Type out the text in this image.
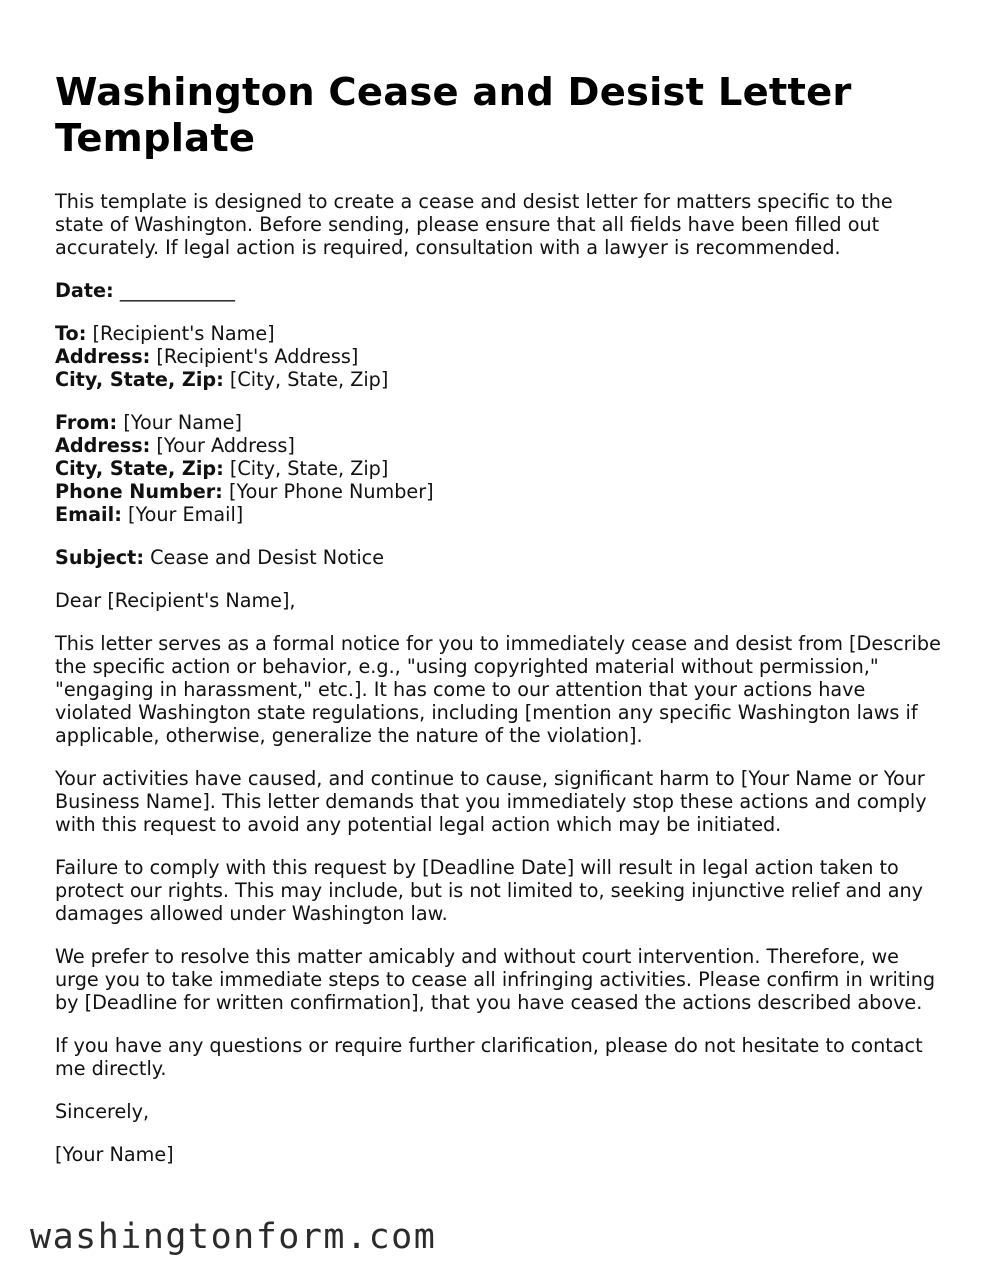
Washington Cease and Desist Letter Template

This template is designed to create a cease and desist letter for matters specific to the state of Washington. Before sending, please ensure that all fields have been filled out accurately. If legal action is required, consultation with a lawyer is recommended.

Date: ____________
To: [Recipient's Name]
Address: [Recipient's Address]
City, State, Zip: [City, State, Zip]
From: [Your Name]
Address: [Your Address]
City, State, Zip: [City, State, Zip]
Phone Number: [Your Phone Number]
Email: [Your Email]
Subject: Cease and Desist Notice

Dear [Recipient's Name],

This letter serves as a formal notice for you to immediately cease and desist from [Describe the specific action or behavior, e.g., "using copyrighted material without permission," "engaging in harassment," etc.]. It has come to our attention that your actions have violated Washington state regulations, including [mention any specific Washington laws if applicable, otherwise, generalize the nature of the violation].

Your activities have caused, and continue to cause, significant harm to [Your Name or Your Business Name]. This letter demands that you immediately stop these actions and comply with this request to avoid any potential legal action which may be initiated.

Failure to comply with this request by [Deadline Date] will result in legal action taken to protect our rights. This may include, but is not limited to, seeking injunctive relief and any damages allowed under Washington law.

We prefer to resolve this matter amicably and without court intervention. Therefore, we urge you to take immediate steps to cease all infringing activities. Please confirm in writing by [Deadline for written confirmation], that you have ceased the actions described above.

If you have any questions or require further clarification, please do not hesitate to contact me directly.

Sincerely,

[Your Name]

washingtonform.com
